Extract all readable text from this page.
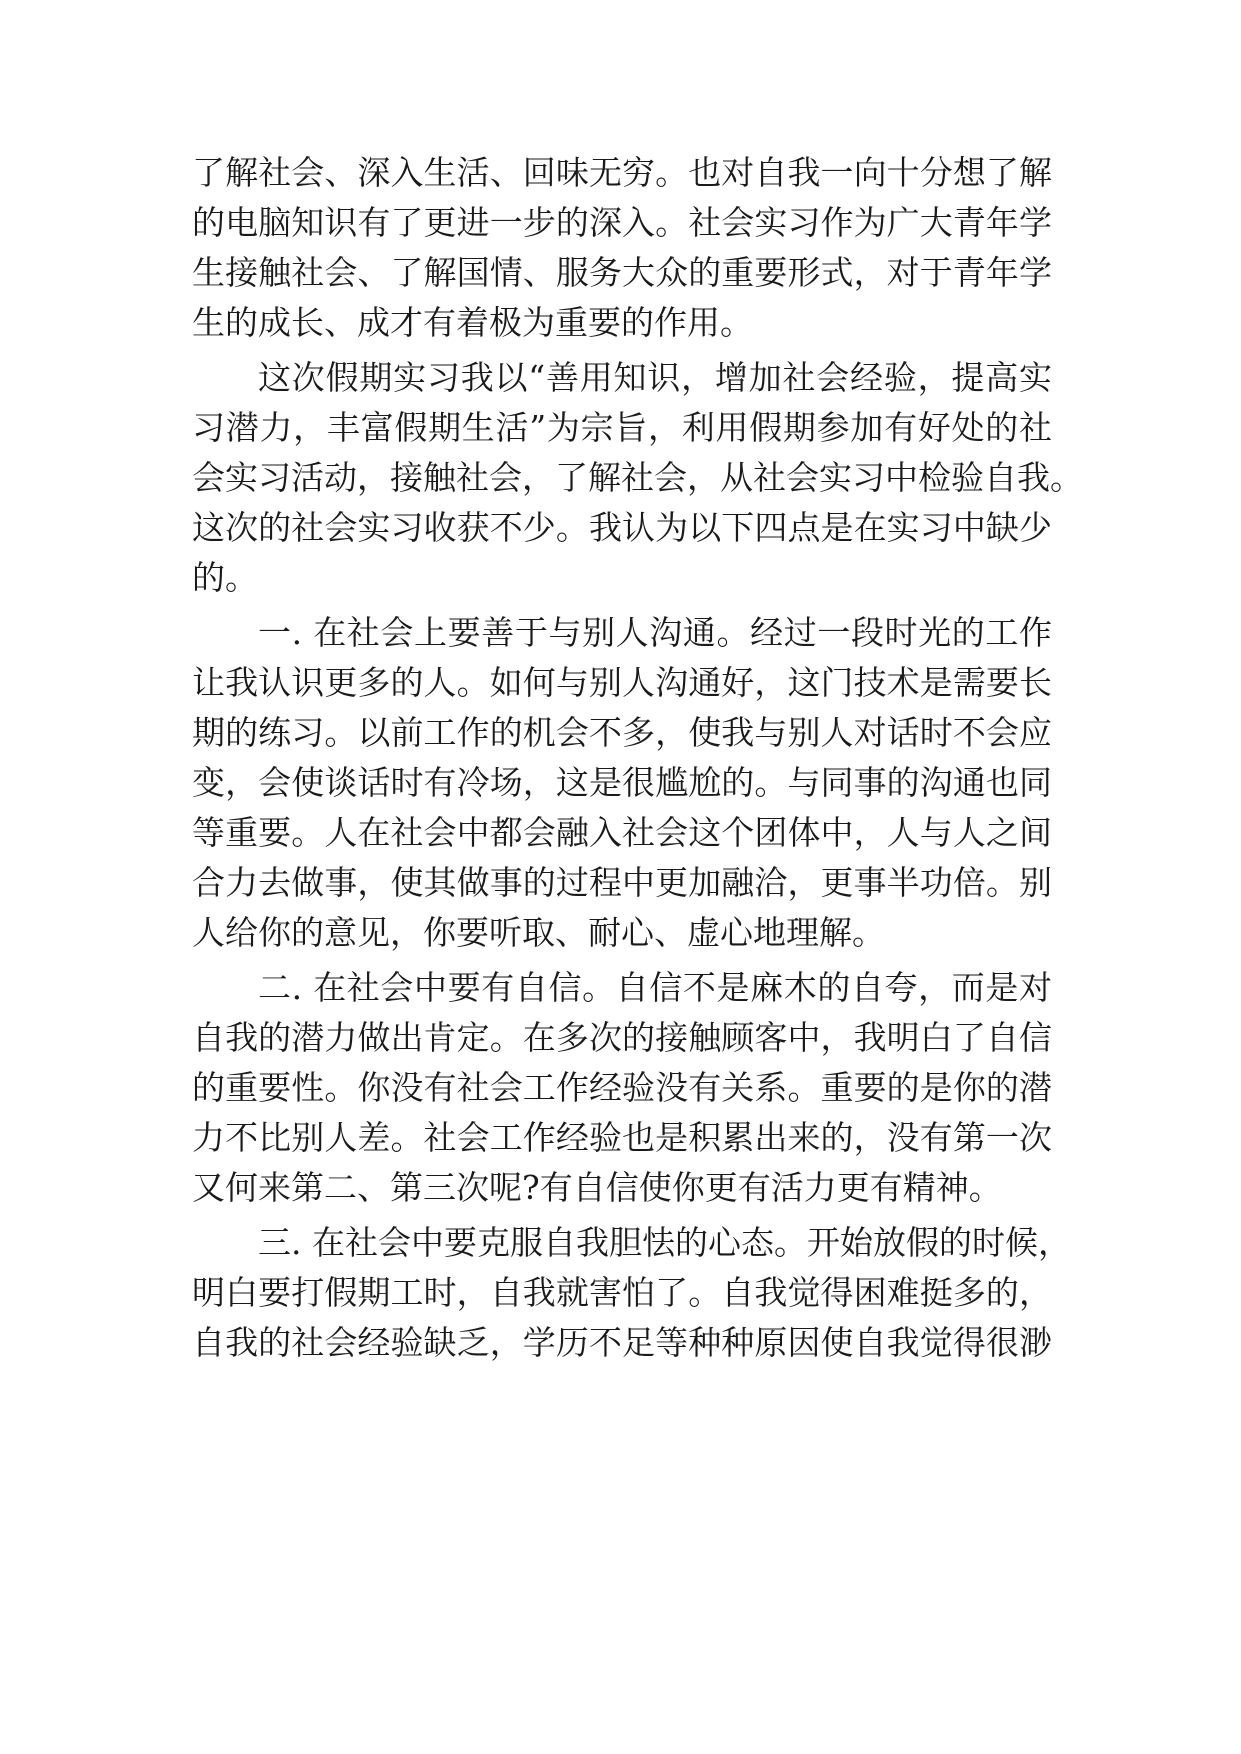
了解社会、深入生活、回味无穷。也对自我一向十分想了解

的电脑知识有了更进一步的深入。社会实习作为广大青年学

生接触社会、了解国情、服务大众的重要形式，对于青年学

生的成长、成才有着极为重要的作用。

这次假期实习我以“善用知识，增加社会经验，提高实

习潜力，丰富假期生活”为宗旨，利用假期参加有好处的社

会实习活动，接触社会，了解社会，从社会实习中检验自我。

这次的社会实习收获不少。我认为以下四点是在实习中缺少

的。

一. 在社会上要善于与别人沟通。经过一段时光的工作

让我认识更多的人。如何与别人沟通好，这门技术是需要长

期的练习。以前工作的机会不多，使我与别人对话时不会应

变，会使谈话时有冷场，这是很尴尬的。与同事的沟通也同

等重要。人在社会中都会融入社会这个团体中，人与人之间

合力去做事，使其做事的过程中更加融洽，更事半功倍。别

人给你的意见，你要听取、耐心、虚心地理解。

二. 在社会中要有自信。自信不是麻木的自夸，而是对

自我的潜力做出肯定。在多次的接触顾客中，我明白了自信

的重要性。你没有社会工作经验没有关系。重要的是你的潜

力不比别人差。社会工作经验也是积累出来的，没有第一次

又何来第二、第三次呢?有自信使你更有活力更有精神。

三. 在社会中要克服自我胆怯的心态。开始放假的时候，

明白要打假期工时，自我就害怕了。自我觉得困难挺多的，

自我的社会经验缺乏，学历不足等种种原因使自我觉得很渺
